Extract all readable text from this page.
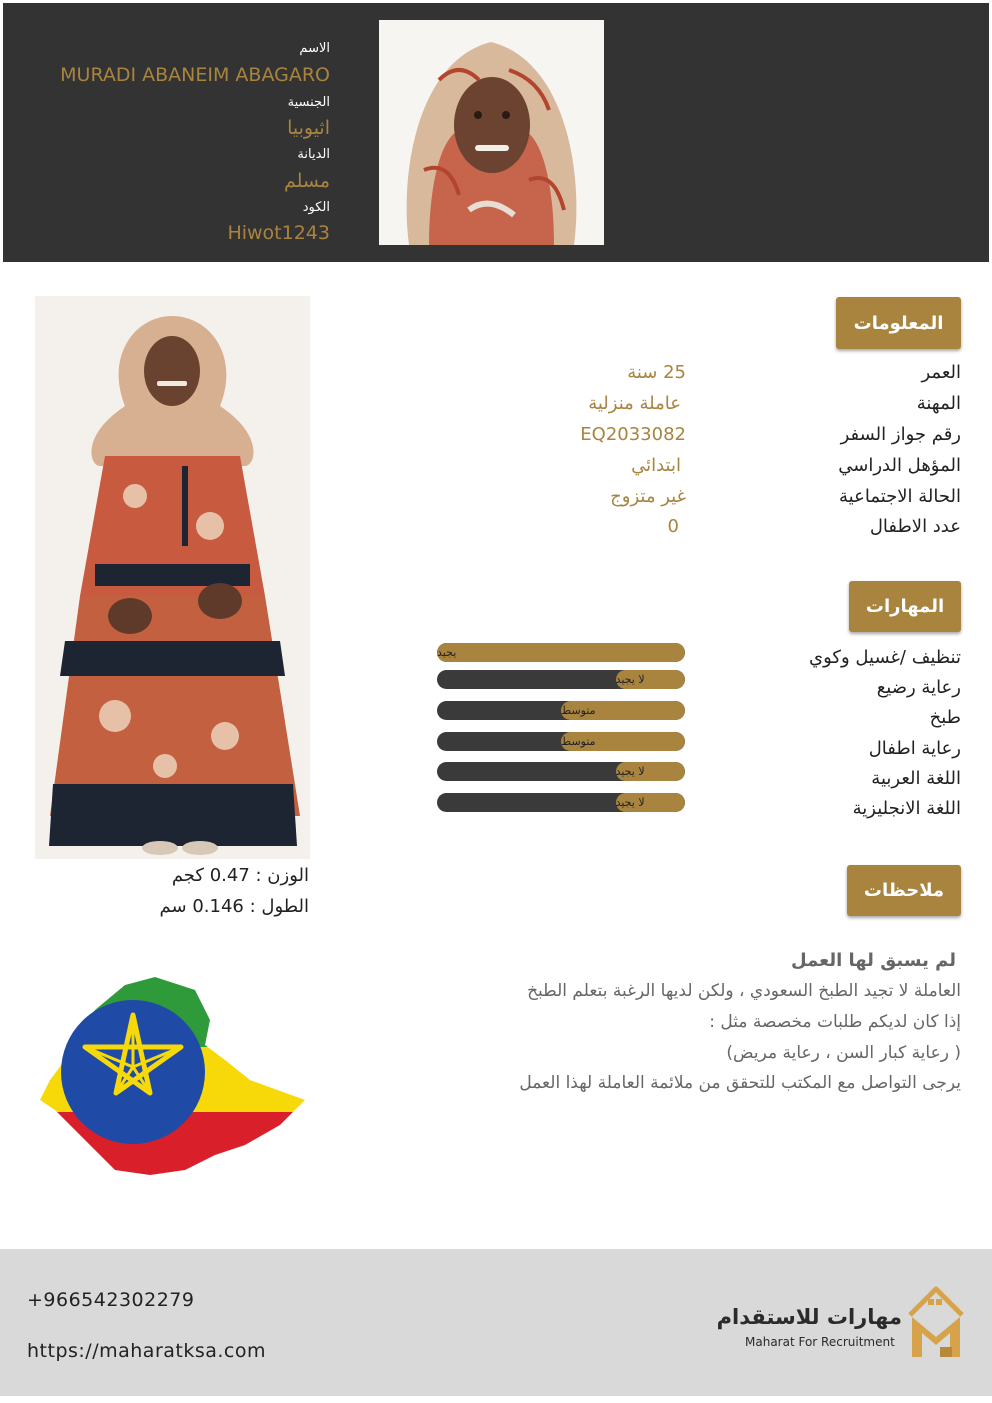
الاسم
MURADI ABANEIM ABAGARO
الجنسية
اثيوبيا
الديانة
مسلم
الكود
Hiwot1243
الوزن : 0.47 كجم
الطول : 0.146 سم
المعلومات
العمر
25 سنة
المهنة
عاملة منزلية
رقم جواز السفر
EQ2033082
المؤهل الدراسي
ابتدائي
الحالة الاجتماعية
غير متزوج
عدد الاطفال
0
المهارات
تنظيف /غسيل وكوي
يجيد
رعاية رضيع
لا يجيد
طبخ
متوسط
رعاية اطفال
متوسط
اللغة العربية
لا يجيد
اللغة الانجليزية
لا يجيد
ملاحظات
لم يسبق لها العمل
العاملة لا تجيد الطبخ السعودي ، ولكن لديها الرغبة بتعلم الطبخ
إذا كان لديكم طلبات مخصصة مثل :
( رعاية كبار السن ، رعاية مريض)
يرجى التواصل مع المكتب للتحقق من ملائمة العاملة لهذا العمل
+966542302279
https://maharatksa.com
مهارات للاستقدام
Maharat For Recruitment
